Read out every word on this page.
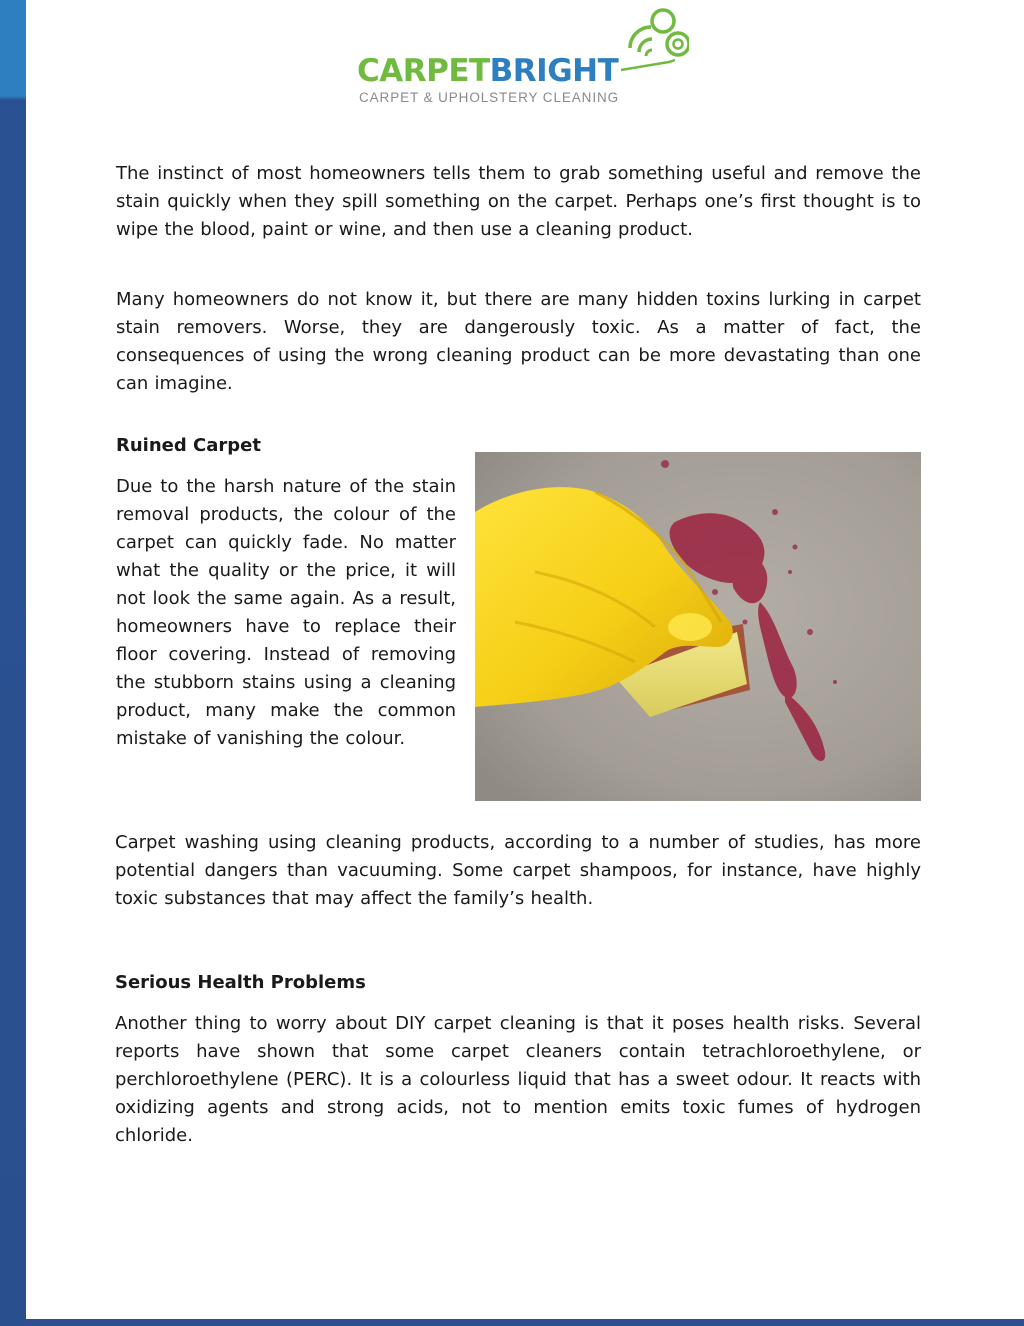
CARPETBRIGHT
CARPET & UPHOLSTERY CLEANING

The instinct of most homeowners tells them to grab something useful and remove the stain quickly when they spill something on the carpet. Perhaps one’s first thought is to wipe the blood, paint or wine, and then use a cleaning product.

Many homeowners do not know it, but there are many hidden toxins lurking in carpet stain removers. Worse, they are dangerously toxic. As a matter of fact, the consequences of using the wrong cleaning product can be more devastating than one can imagine.

Ruined Carpet

Due to the harsh nature of the stain removal products, the colour of the carpet can quickly fade. No matter what the quality or the price, it will not look the same again. As a result, homeowners have to replace their floor covering. Instead of removing the stubborn stains using a cleaning product, many make the common mistake of vanishing the colour.

Carpet washing using cleaning products, according to a number of studies, has more potential dangers than vacuuming. Some carpet shampoos, for instance, have highly toxic substances that may affect the family’s health.

Serious Health Problems

Another thing to worry about DIY carpet cleaning is that it poses health risks. Several reports have shown that some carpet cleaners contain tetrachloroethylene, or perchloroethylene (PERC). It is a colourless liquid that has a sweet odour. It reacts with oxidizing agents and strong acids, not to mention emits toxic fumes of hydrogen chloride.
